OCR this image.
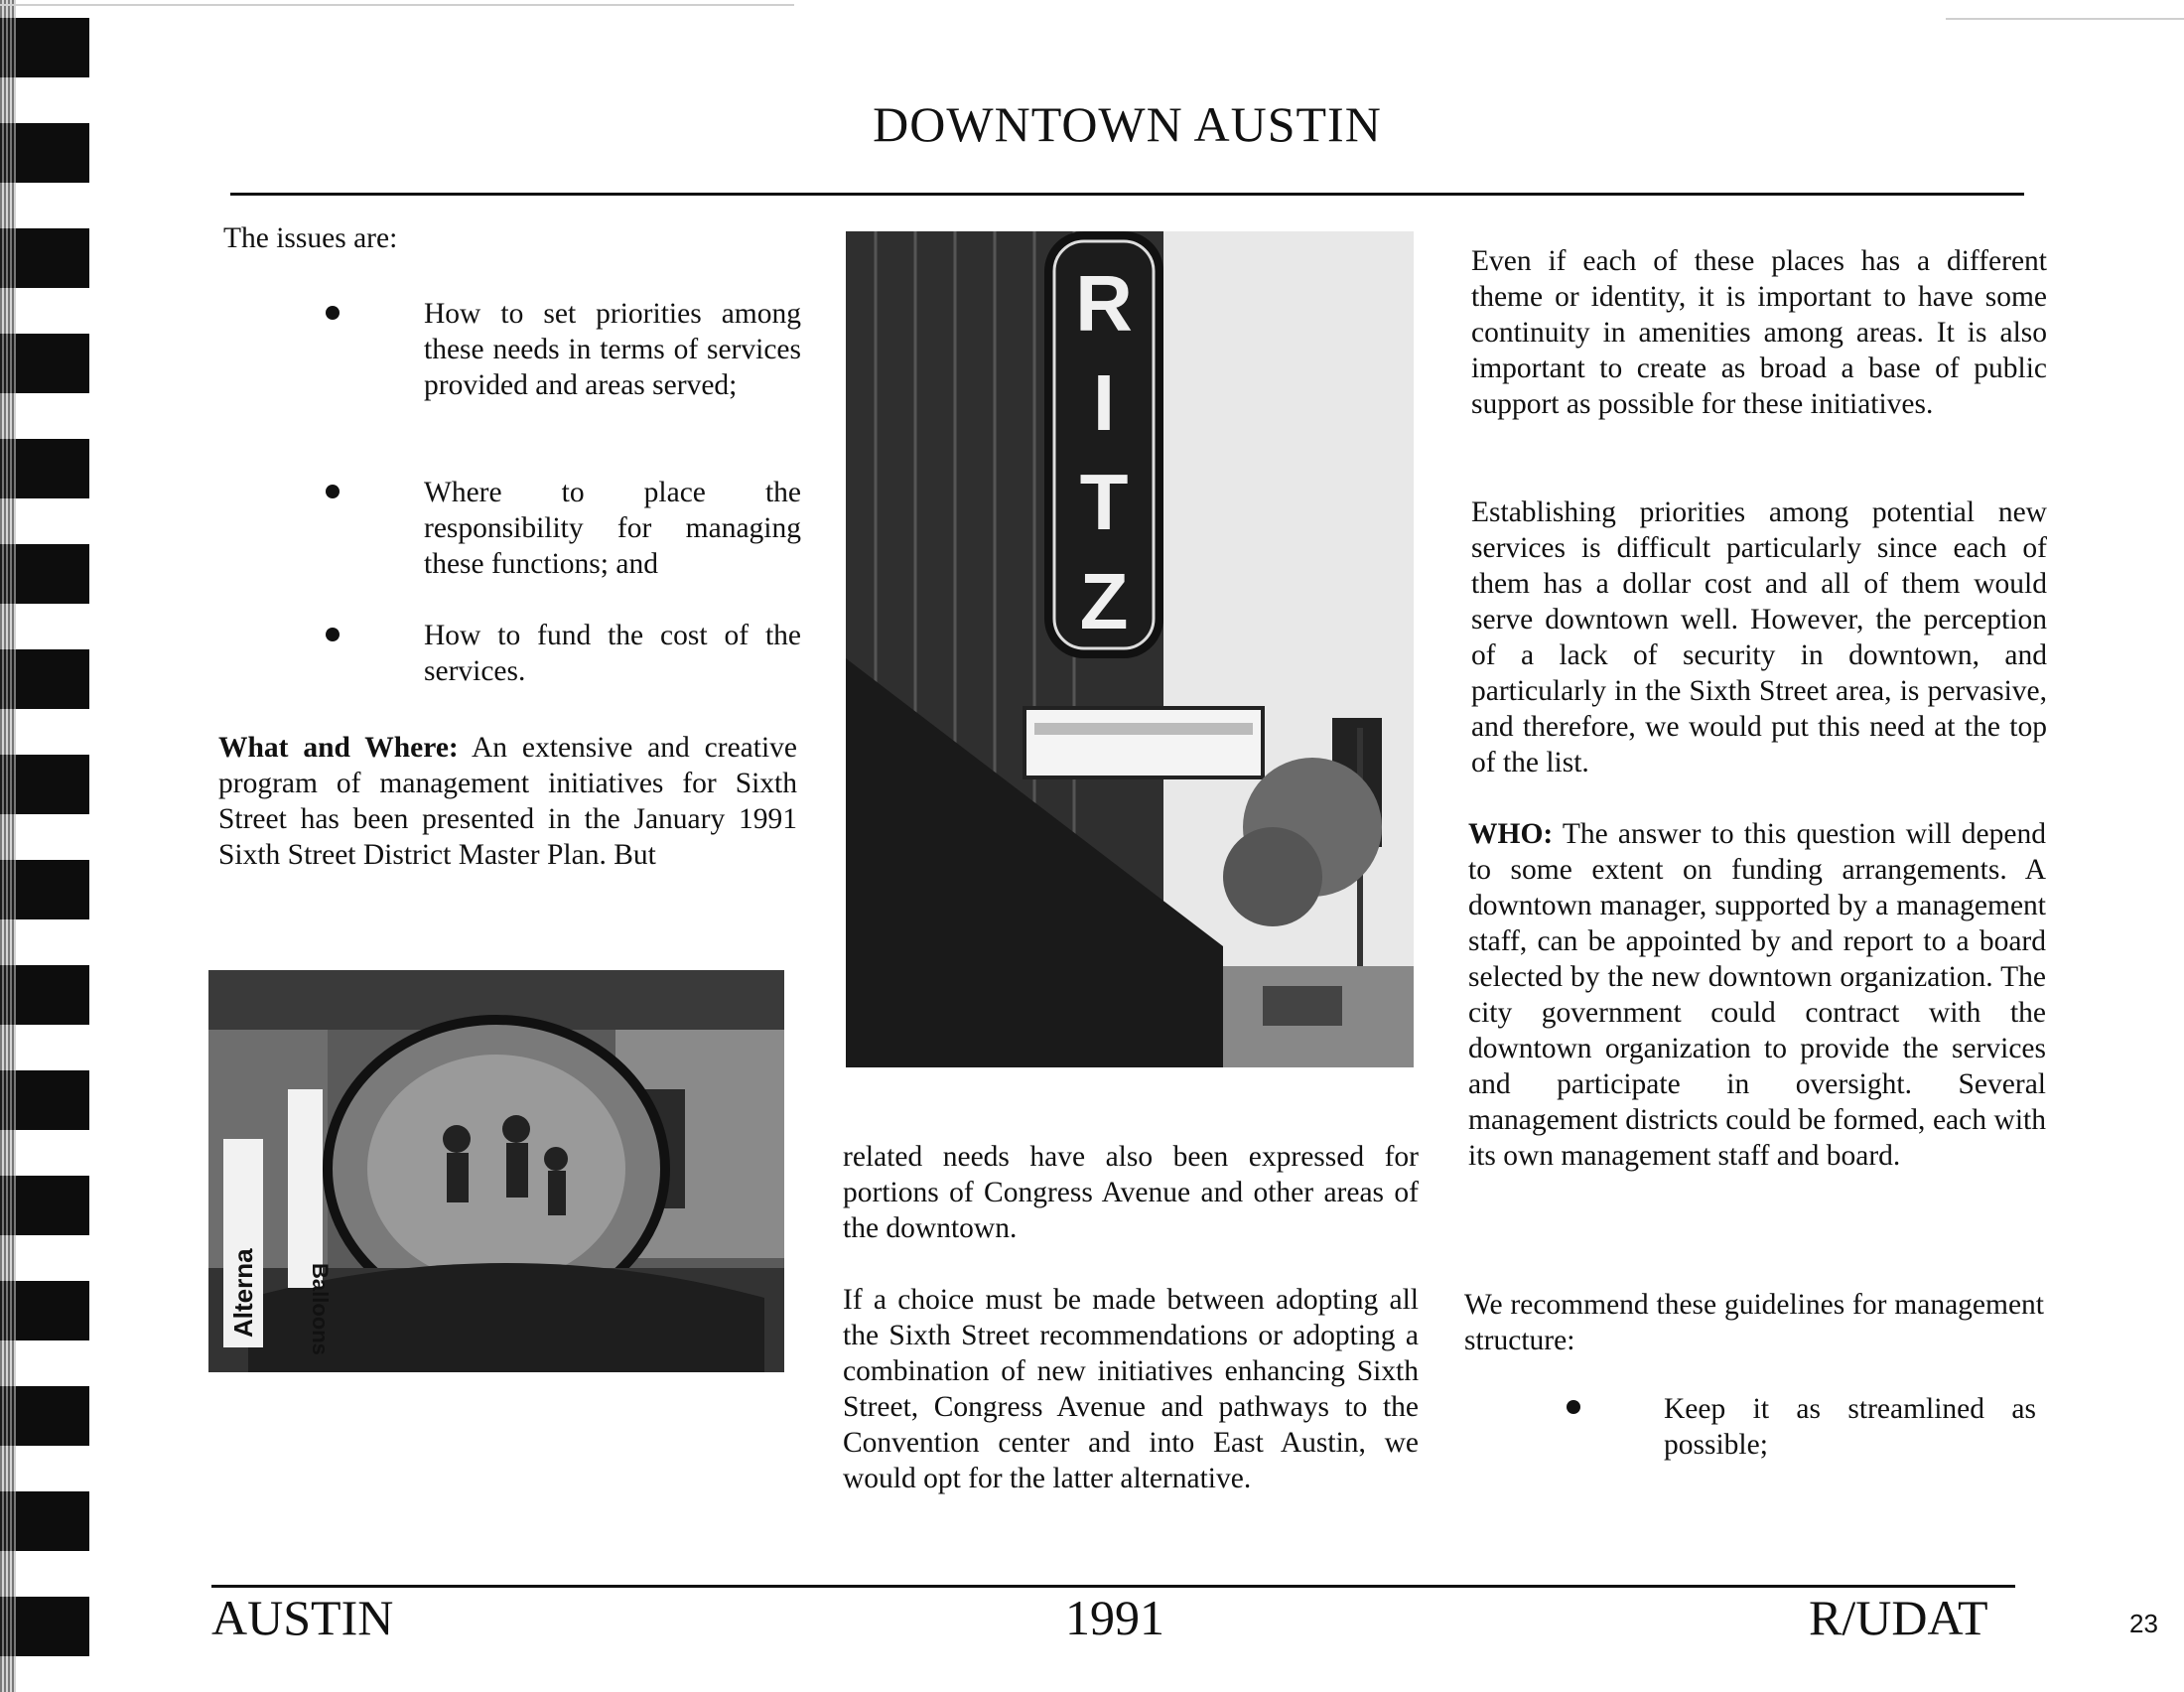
DOWNTOWN AUSTIN

The issues are:

How to set priorities among these needs in terms of services provided and areas served;

Where to place the responsibility for managing these functions; and

How to fund the cost of the services.

What and Where: An extensive and creative program of management initiatives for Sixth Street has been presented in the January 1991 Sixth Street District Master Plan. But

Alterna Balloons
R
I
T
Z

related needs have also been expressed for portions of Congress Avenue and other areas of the downtown.

If a choice must be made between adopting all the Sixth Street recommendations or adopting a combination of new initiatives enhancing Sixth Street, Congress Avenue and pathways to the Convention center and into East Austin, we would opt for the latter alternative.

Even if each of these places has a different theme or identity, it is important to have some continuity in amenities among areas. It is also important to create as broad a base of public support as possible for these initiatives.

Establishing priorities among potential new services is difficult particularly since each of them has a dollar cost and all of them would serve downtown well. However, the perception of a lack of security in downtown, and particularly in the Sixth Street area, is pervasive, and therefore, we would put this need at the top of the list.

WHO: The answer to this question will depend to some extent on funding arrangements. A downtown manager, supported by a management staff, can be appointed by and report to a board selected by the new downtown organization. The city government could contract with the downtown organization to provide the services and participate in oversight. Several management districts could be formed, each with its own management staff and board.

We recommend these guidelines for management structure:

Keep it as streamlined as possible;

AUSTIN	1991	R/UDAT	23
